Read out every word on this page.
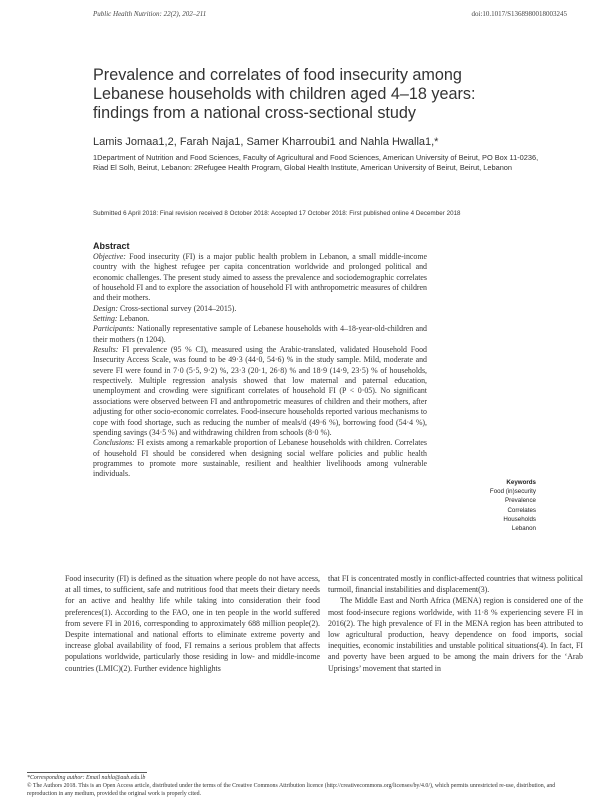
Public Health Nutrition: 22(2), 202–211	doi:10.1017/S1368980018003245
Prevalence and correlates of food insecurity among Lebanese households with children aged 4–18 years: findings from a national cross-sectional study
Lamis Jomaa1,2, Farah Naja1, Samer Kharroubi1 and Nahla Hwalla1,*
1Department of Nutrition and Food Sciences, Faculty of Agricultural and Food Sciences, American University of Beirut, PO Box 11-0236, Riad El Solh, Beirut, Lebanon: 2Refugee Health Program, Global Health Institute, American University of Beirut, Beirut, Lebanon
Submitted 6 April 2018: Final revision received 8 October 2018: Accepted 17 October 2018: First published online 4 December 2018
Abstract

Objective: Food insecurity (FI) is a major public health problem in Lebanon, a small middle-income country with the highest refugee per capita concentration worldwide and prolonged political and economic challenges. The present study aimed to assess the prevalence and sociodemographic correlates of household FI and to explore the association of household FI with anthropometric measures of children and their mothers.

Design: Cross-sectional survey (2014–2015).

Setting: Lebanon.

Participants: Nationally representative sample of Lebanese households with 4–18-year-old-children and their mothers (n 1204).

Results: FI prevalence (95 % CI), measured using the Arabic-translated, validated Household Food Insecurity Access Scale, was found to be 49·3 (44·0, 54·6) % in the study sample. Mild, moderate and severe FI were found in 7·0 (5·5, 9·2) %, 23·3 (20·1, 26·8) % and 18·9 (14·9, 23·5) % of households, respectively. Multiple regression analysis showed that low maternal and paternal education, unemployment and crowding were significant correlates of household FI (P < 0·05). No significant associations were observed between FI and anthropometric measures of children and their mothers, after adjusting for other socio-economic correlates. Food-insecure households reported various mechanisms to cope with food shortage, such as reducing the number of meals/d (49·6 %), borrowing food (54·4 %), spending savings (34·5 %) and withdrawing children from schools (8·0 %).

Conclusions: FI exists among a remarkable proportion of Lebanese households with children. Correlates of household FI should be considered when designing social welfare policies and public health programmes to promote more sustainable, resilient and healthier livelihoods among vulnerable individuals.

Keywords
Food (in)security
Prevalence
Correlates
Households
Lebanon

Food insecurity (FI) is defined as the situation where people do not have access, at all times, to sufficient, safe and nutritious food that meets their dietary needs for an active and healthy life while taking into consideration their food preferences(1). According to the FAO, one in ten people in the world suffered from severe FI in 2016, corresponding to approximately 688 million people(2). Despite international and national efforts to eliminate extreme poverty and increase global availability of food, FI remains a serious problem that affects populations worldwide, particularly those residing in low- and middle-income countries (LMIC)(2). Further evidence highlights

that FI is concentrated mostly in conflict-affected countries that witness political turmoil, financial instabilities and displacement(3).

The Middle East and North Africa (MENA) region is considered one of the most food-insecure regions worldwide, with 11·8 % experiencing severe FI in 2016(2). The high prevalence of FI in the MENA region has been attributed to low agricultural production, heavy dependence on food imports, social inequities, economic instabilities and unstable political situations(4). In fact, FI and poverty have been argued to be among the main drivers for the ‘Arab Uprisings’ movement that started in

*Corresponding author: Email nahla@aub.edu.lb
© The Authors 2018. This is an Open Access article, distributed under the terms of the Creative Commons Attribution licence (http://creativecommons.org/licenses/by/4.0/), which permits unrestricted re-use, distribution, and reproduction in any medium, provided the original work is properly cited.
